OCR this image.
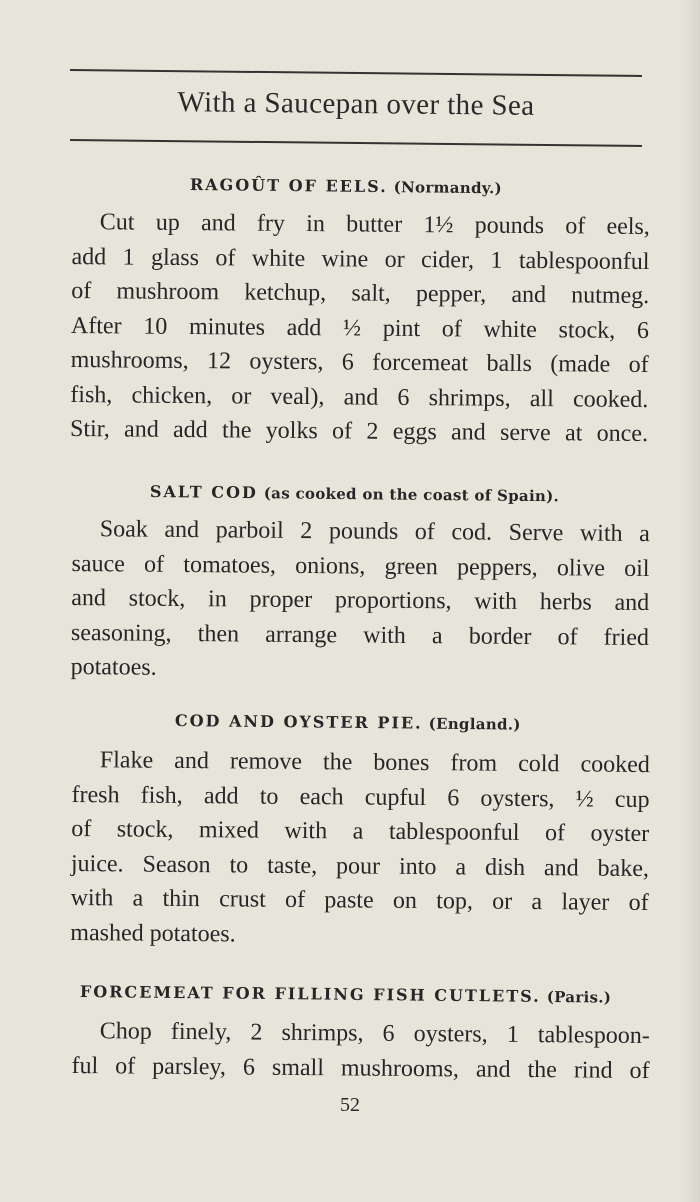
With a Saucepan over the Sea
RAGOÛT OF EELS. (Normandy.)
Cut up and fry in butter 1½ pounds of eels,
add 1 glass of white wine or cider, 1 tablespoonful
of mushroom ketchup, salt, pepper, and nutmeg.
After 10 minutes add ½ pint of white stock, 6
mushrooms, 12 oysters, 6 forcemeat balls (made of
fish, chicken, or veal), and 6 shrimps, all cooked.
Stir, and add the yolks of 2 eggs and serve at once.
SALT COD (as cooked on the coast of Spain).
Soak and parboil 2 pounds of cod. Serve with a
sauce of tomatoes, onions, green peppers, olive oil
and stock, in proper proportions, with herbs and
seasoning, then arrange with a border of fried
potatoes.
COD AND OYSTER PIE. (England.)
Flake and remove the bones from cold cooked
fresh fish, add to each cupful 6 oysters, ½ cup
of stock, mixed with a tablespoonful of oyster
juice. Season to taste, pour into a dish and bake,
with a thin crust of paste on top, or a layer of
mashed potatoes.
FORCEMEAT FOR FILLING FISH CUTLETS. (Paris.)
Chop finely, 2 shrimps, 6 oysters, 1 tablespoon-
ful of parsley, 6 small mushrooms, and the rind of
52
